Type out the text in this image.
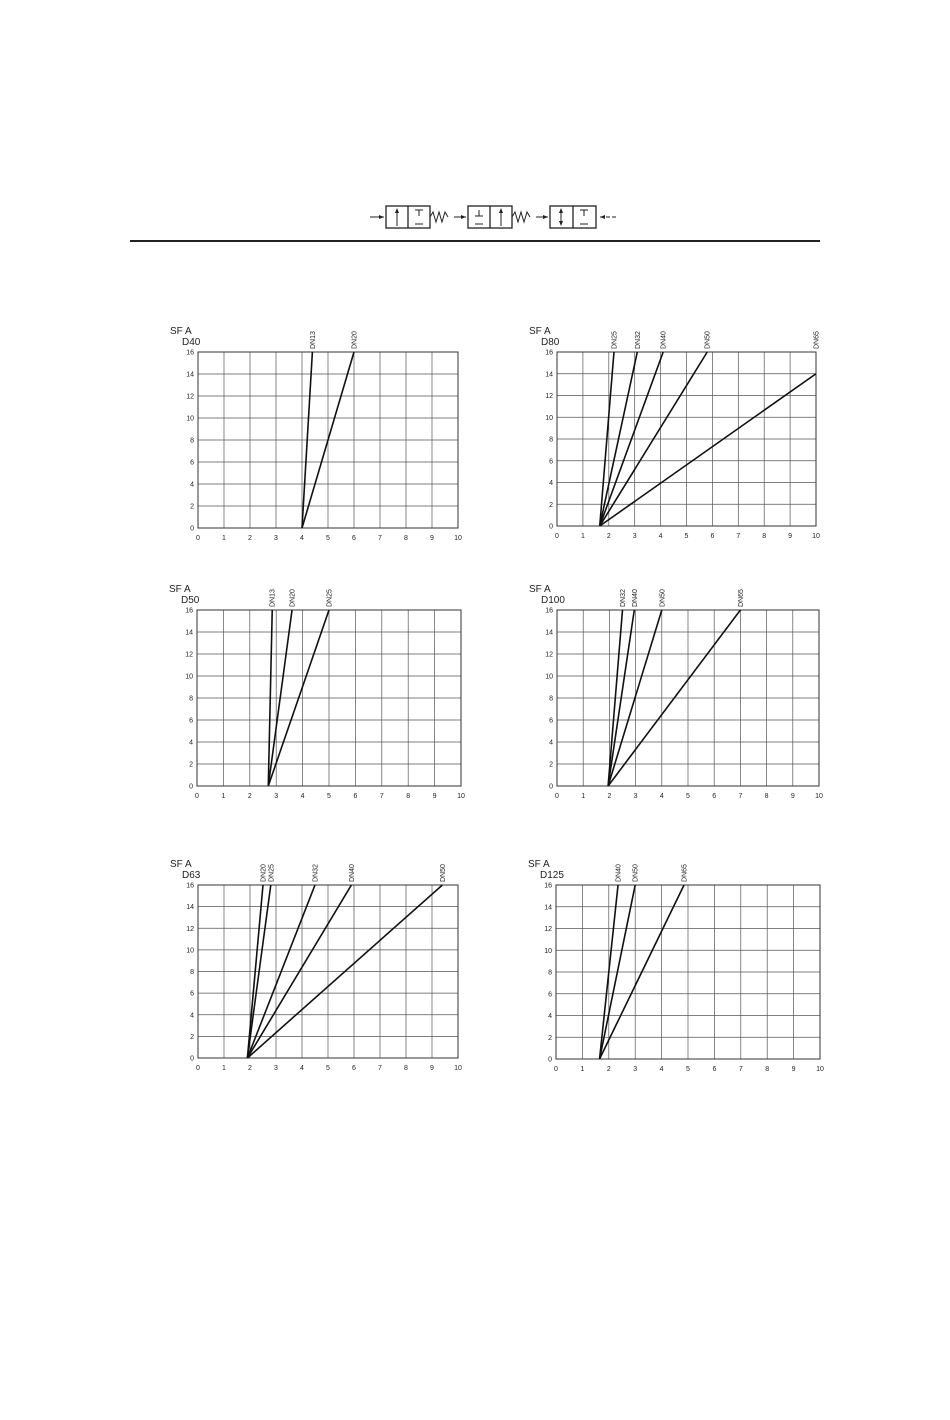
0	1	2	3	4	5	6	7	8	9	10
0
2
4
6
8
10
12
14
16
SF A
D40	DN13	DN20
0	1	2	3	4	5	6	7	8	9	10
0
2
4
6
8
10
12
14
16
SF A
D80	DN25 DN32	DN40	DN50	DN65
0	1	2	3	4	5	6	7	8	9	10
0
2
4
6
8
10
12
14
16
SF A
D50	DN13 DN20	DN25
0	1	2	3	4	5	6	7	8	9	10
0
2
4
6
8
10
12
14
16
SF A
D100	DN32 DN40	DN50	DN65
0	1	2	3	4	5	6	7	8	9	10
0
2
4
6
8
10
12
14
16
SF A
D63	DN20 DN25	DN32	DN40	DN50
0	1	2	3	4	5	6	7	8	9	10
0
2
4
6
8
10
12
14
16
SF A
D125	DN40 DN50	DN65
